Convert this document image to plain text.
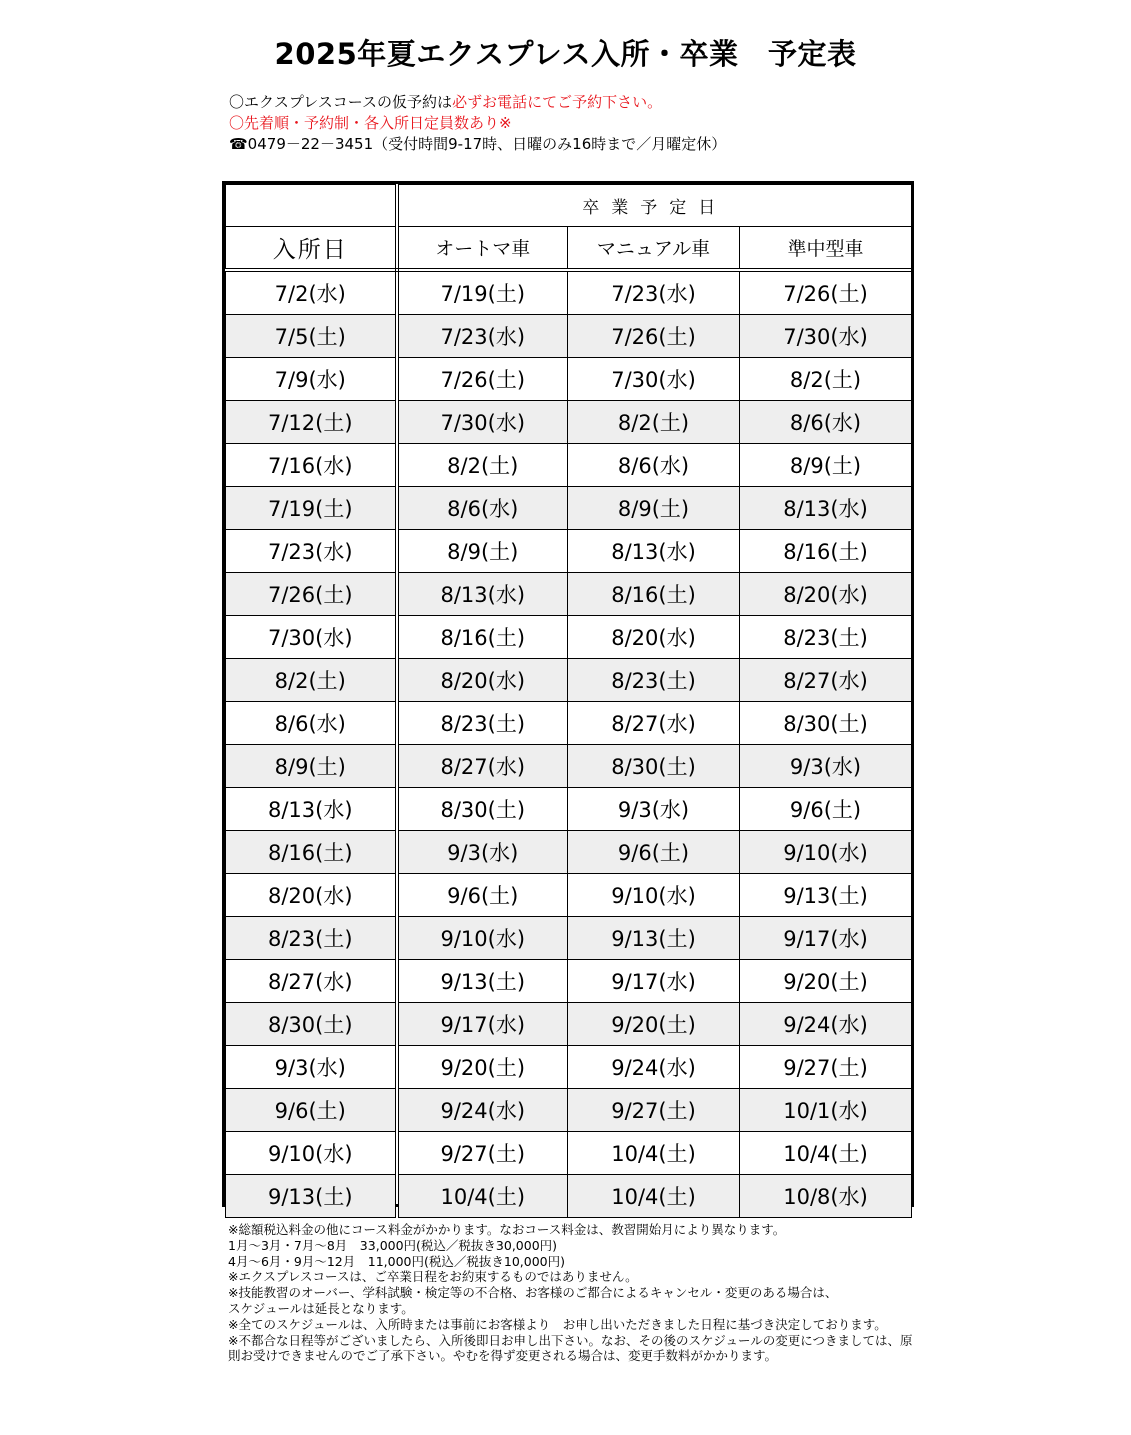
2025年夏エクスプレス入所・卒業　予定表
〇エクスプレスコースの仮予約は必ずお電話にてご予約下さい。
〇先着順・予約制・各入所日定員数あり※
☎0479－22－3451（受付時間9-17時、日曜のみ16時まで／月曜定休）
	卒業予定日		
入所日	オートマ車	マニュアル車	準中型車
7/2(水)	7/19(土)	7/23(水)	7/26(土)
7/5(土)	7/23(水)	7/26(土)	7/30(水)
7/9(水)	7/26(土)	7/30(水)	8/2(土)
7/12(土)	7/30(水)	8/2(土)	8/6(水)
7/16(水)	8/2(土)	8/6(水)	8/9(土)
7/19(土)	8/6(水)	8/9(土)	8/13(水)
7/23(水)	8/9(土)	8/13(水)	8/16(土)
7/26(土)	8/13(水)	8/16(土)	8/20(水)
7/30(水)	8/16(土)	8/20(水)	8/23(土)
8/2(土)	8/20(水)	8/23(土)	8/27(水)
8/6(水)	8/23(土)	8/27(水)	8/30(土)
8/9(土)	8/27(水)	8/30(土)	9/3(水)
8/13(水)	8/30(土)	9/3(水)	9/6(土)
8/16(土)	9/3(水)	9/6(土)	9/10(水)
8/20(水)	9/6(土)	9/10(水)	9/13(土)
8/23(土)	9/10(水)	9/13(土)	9/17(水)
8/27(水)	9/13(土)	9/17(水)	9/20(土)
8/30(土)	9/17(水)	9/20(土)	9/24(水)
9/3(水)	9/20(土)	9/24(水)	9/27(土)
9/6(土)	9/24(水)	9/27(土)	10/1(水)
9/10(水)	9/27(土)	10/4(土)	10/4(土)
9/13(土)	10/4(土)	10/4(土)	10/8(水)
※総額税込料金の他にコース料金がかかります。なおコース料金は、教習開始月により異なります。
1月～3月・7月～8月　33,000円(税込／税抜き30,000円)
4月～6月・9月～12月　11,000円(税込／税抜き10,000円)
※エクスプレスコースは、ご卒業日程をお約束するものではありません。
※技能教習のオーバー、学科試験・検定等の不合格、お客様のご都合によるキャンセル・変更のある場合は、
スケジュールは延長となります。
※全てのスケジュールは、入所時または事前にお客様より　お申し出いただきました日程に基づき決定しております。
※不都合な日程等がございましたら、入所後即日お申し出下さい。なお、その後のスケジュールの変更につきましては、原則お受けできませんのでご了承下さい。やむを得ず変更される場合は、変更手数料がかかります。
